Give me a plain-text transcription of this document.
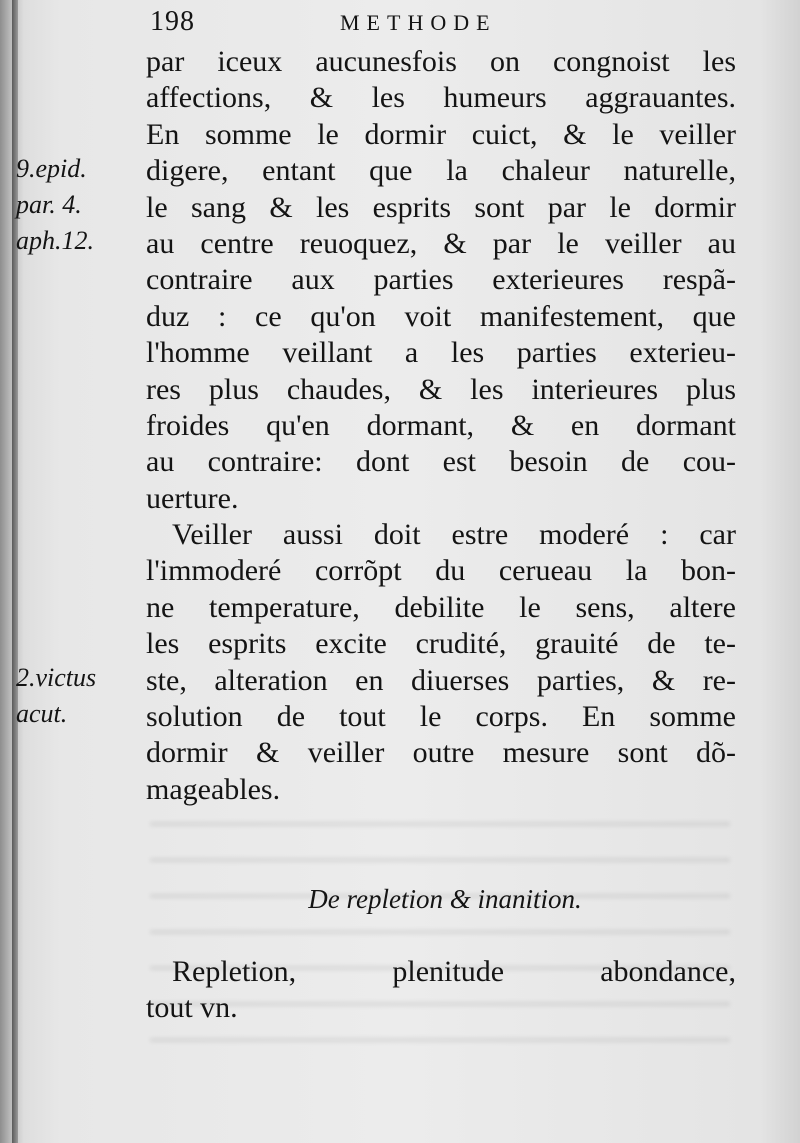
198	METHODE
9.epid.
par. 4.
aph.12.
2.victus
acut.
par iceux aucunesfois on congnoist les
affections, & les humeurs aggrauantes.
En somme le dormir cuict, & le veiller
digere, entant que la chaleur naturelle,
le sang & les esprits sont par le dormir
au centre reuoquez, & par le veiller au
contraire aux parties exterieures respã-
duz : ce qu'on voit manifestement, que
l'homme veillant a les parties exterieu-
res plus chaudes, & les interieures plus
froides qu'en dormant, & en dormant
au contraire: dont est besoin de cou-
uerture.
Veiller aussi doit estre moderé : car
l'immoderé corrõpt du cerueau la bon-
ne temperature, debilite le sens, altere
les esprits excite crudité, grauité de te-
ste, alteration en diuerses parties, & re-
solution de tout le corps. En somme
dormir & veiller outre mesure sont dõ-
mageables.
De repletion & inanition.
Repletion, plenitude abondance,
tout vn.
